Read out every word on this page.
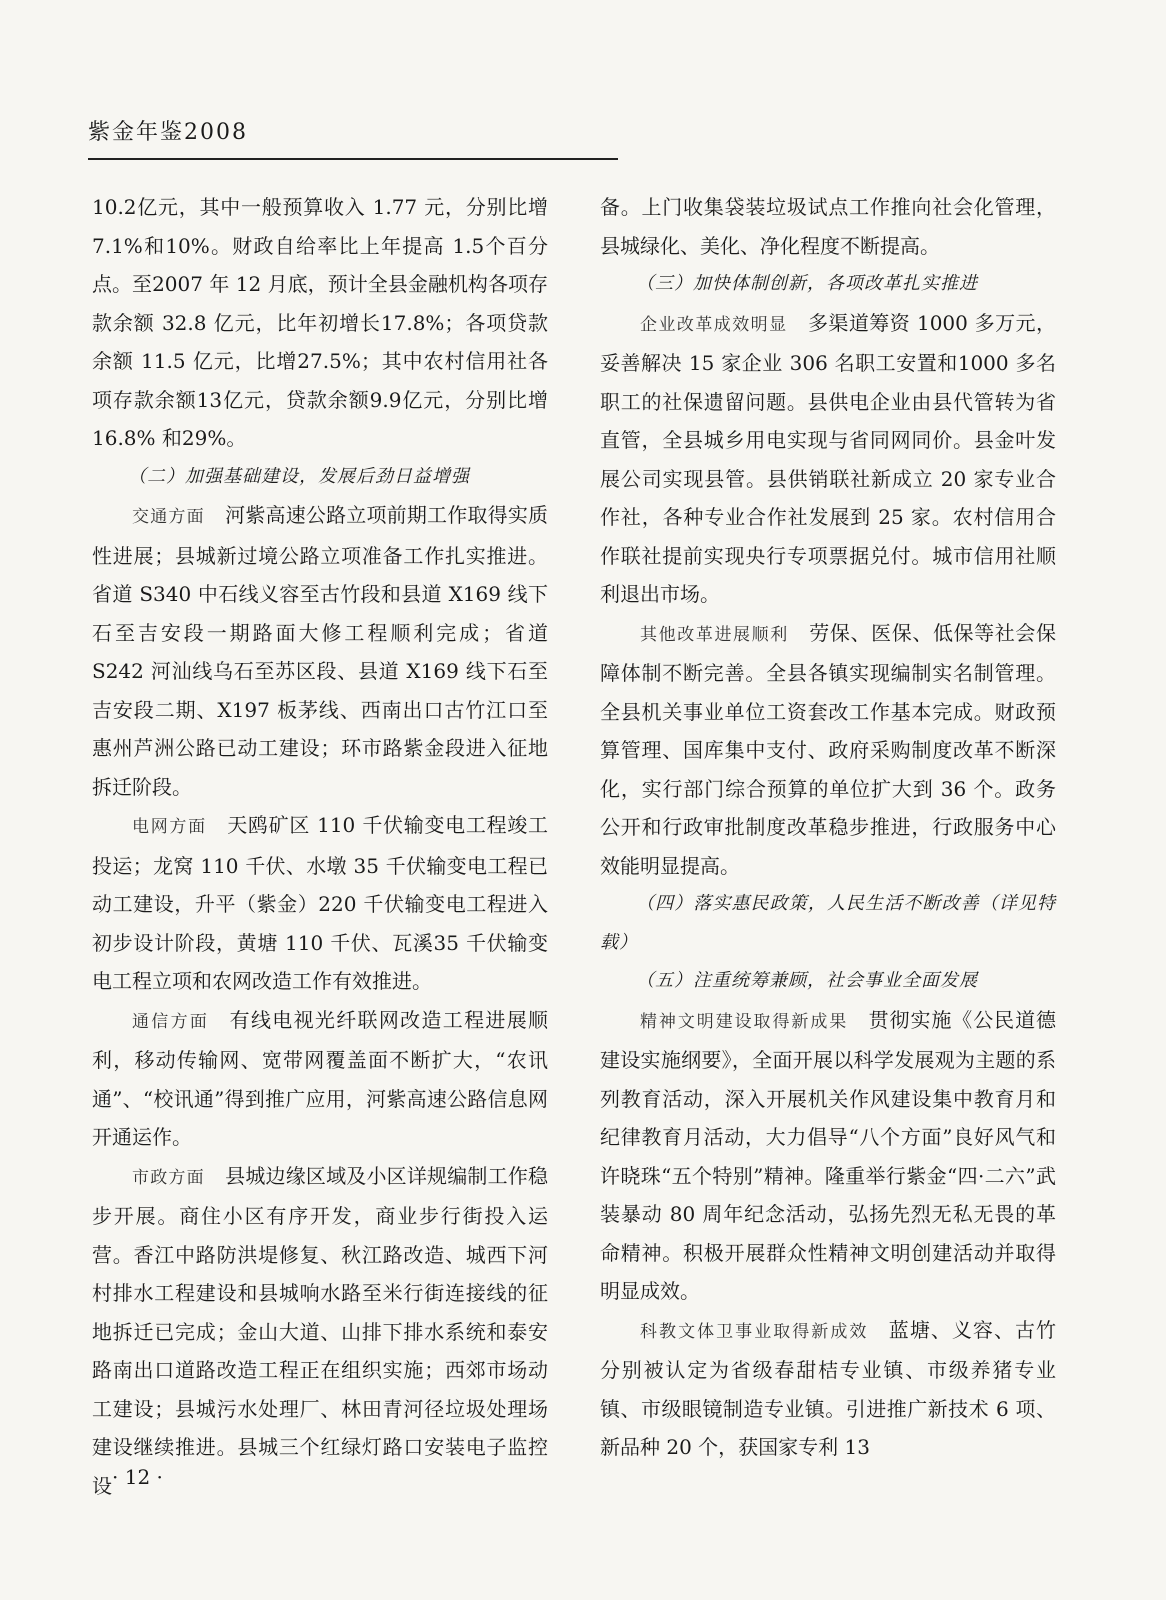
紫金年鉴2008

10.2亿元，其中一般预算收入 1.77 元，分别比增7.1%和10%。财政自给率比上年提高 1.5个百分点。至2007 年 12 月底，预计全县金融机构各项存款余额 32.8 亿元，比年初增长17.8%；各项贷款余额 11.5 亿元，比增27.5%；其中农村信用社各项存款余额13亿元，贷款余额9.9亿元，分别比增 16.8% 和29%。

（二）加强基础建设，发展后劲日益增强

交通方面 河紫高速公路立项前期工作取得实质性进展；县城新过境公路立项准备工作扎实推进。省道 S340 中石线义容至古竹段和县道 X169 线下石至吉安段一期路面大修工程顺利完成；省道 S242 河汕线乌石至苏区段、县道 X169 线下石至吉安段二期、X197 板茅线、西南出口古竹江口至惠州芦洲公路已动工建设；环市路紫金段进入征地拆迁阶段。

电网方面 天鸥矿区 110 千伏输变电工程竣工投运；龙窝 110 千伏、水墩 35 千伏输变电工程已动工建设，升平（紫金）220 千伏输变电工程进入初步设计阶段，黄塘 110 千伏、瓦溪35 千伏输变电工程立项和农网改造工作有效推进。

通信方面 有线电视光纤联网改造工程进展顺利，移动传输网、宽带网覆盖面不断扩大，“农讯通”、“校讯通”得到推广应用，河紫高速公路信息网开通运作。

市政方面 县城边缘区域及小区详规编制工作稳步开展。商住小区有序开发，商业步行街投入运营。香江中路防洪堤修复、秋江路改造、城西下河村排水工程建设和县城响水路至米行街连接线的征地拆迁已完成；金山大道、山排下排水系统和泰安路南出口道路改造工程正在组织实施；西郊市场动工建设；县城污水处理厂、林田青河径垃圾处理场建设继续推进。县城三个红绿灯路口安装电子监控设

备。上门收集袋装垃圾试点工作推向社会化管理，县城绿化、美化、净化程度不断提高。

（三）加快体制创新，各项改革扎实推进

企业改革成效明显 多渠道筹资 1000 多万元，妥善解决 15 家企业 306 名职工安置和1000 多名职工的社保遗留问题。县供电企业由县代管转为省直管，全县城乡用电实现与省同网同价。县金叶发展公司实现县管。县供销联社新成立 20 家专业合作社，各种专业合作社发展到 25 家。农村信用合作联社提前实现央行专项票据兑付。城市信用社顺利退出市场。

其他改革进展顺利 劳保、医保、低保等社会保障体制不断完善。全县各镇实现编制实名制管理。全县机关事业单位工资套改工作基本完成。财政预算管理、国库集中支付、政府采购制度改革不断深化，实行部门综合预算的单位扩大到 36 个。政务公开和行政审批制度改革稳步推进，行政服务中心效能明显提高。

（四）落实惠民政策，人民生活不断改善（详见特载）

（五）注重统筹兼顾，社会事业全面发展

精神文明建设取得新成果 贯彻实施《公民道德建设实施纲要》，全面开展以科学发展观为主题的系列教育活动，深入开展机关作风建设集中教育月和纪律教育月活动，大力倡导“八个方面”良好风气和许晓珠“五个特别”精神。隆重举行紫金“四·二六”武装暴动 80 周年纪念活动，弘扬先烈无私无畏的革命精神。积极开展群众性精神文明创建活动并取得明显成效。

科教文体卫事业取得新成效 蓝塘、义容、古竹分别被认定为省级春甜桔专业镇、市级养猪专业镇、市级眼镜制造专业镇。引进推广新技术 6 项、新品种 20 个，获国家专利 13

· 12 ·
